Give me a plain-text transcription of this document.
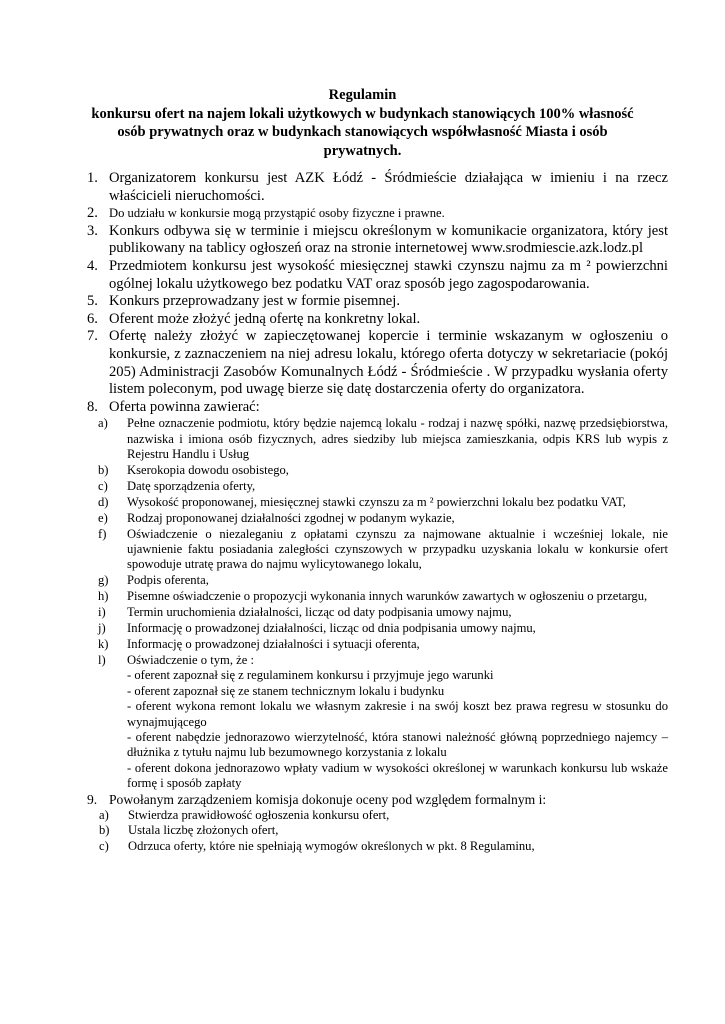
Regulamin
konkursu ofert na najem lokali użytkowych w budynkach stanowiących 100% własność
osób prywatnych oraz w budynkach stanowiących współwłasność Miasta i osób
prywatnych.
1. Organizatorem konkursu jest AZK Łódź - Śródmieście działająca w imieniu i na rzecz właścicieli nieruchomości.
2. Do udziału w konkursie mogą przystąpić osoby fizyczne i prawne.
3. Konkurs odbywa się w terminie i miejscu określonym w komunikacie organizatora, który jest publikowany na tablicy ogłoszeń oraz na stronie internetowej www.srodmiescie.azk.lodz.pl
4. Przedmiotem konkursu jest wysokość miesięcznej stawki czynszu najmu za m ² powierzchni ogólnej lokalu użytkowego bez podatku VAT oraz sposób jego zagospodarowania.
5. Konkurs przeprowadzany jest w formie pisemnej.
6. Oferent może złożyć jedną ofertę na konkretny lokal.
7. Ofertę należy złożyć w zapieczętowanej kopercie i terminie wskazanym w ogłoszeniu o konkursie, z zaznaczeniem na niej adresu lokalu, którego oferta dotyczy w sekretariacie (pokój 205) Administracji Zasobów Komunalnych Łódź - Śródmieście . W przypadku wysłania oferty listem poleconym, pod uwagę bierze się datę dostarczenia oferty do organizatora.
8. Oferta powinna zawierać:
a) Pełne oznaczenie podmiotu, który będzie najemcą lokalu - rodzaj i nazwę spółki, nazwę przedsiębiorstwa, nazwiska i imiona osób fizycznych, adres siedziby lub miejsca zamieszkania, odpis KRS lub wypis z Rejestru Handlu i Usług
b) Kserokopia dowodu osobistego,
c) Datę sporządzenia oferty,
d) Wysokość proponowanej, miesięcznej stawki czynszu za m ² powierzchni lokalu bez podatku VAT,
e) Rodzaj proponowanej działalności zgodnej w podanym wykazie,
f) Oświadczenie o niezaleganiu z opłatami czynszu za najmowane aktualnie i wcześniej lokale, nie ujawnienie faktu posiadania zaległości czynszowych w przypadku uzyskania lokalu w konkursie ofert spowoduje utratę prawa do najmu wylicytowanego lokalu,
g) Podpis oferenta,
h) Pisemne oświadczenie o propozycji wykonania innych warunków zawartych w ogłoszeniu o przetargu,
i) Termin uruchomienia działalności, licząc od daty podpisania umowy najmu,
j) Informację o prowadzonej działalności, licząc od dnia podpisania umowy najmu,
k) Informację o prowadzonej działalności i sytuacji oferenta,
l) Oświadczenie o tym, że :
- oferent zapoznał się z regulaminem konkursu i przyjmuje jego warunki
- oferent zapoznał się ze stanem technicznym lokalu i budynku
- oferent wykona remont lokalu we własnym zakresie i na swój koszt bez prawa regresu w stosunku do wynajmującego
- oferent nabędzie jednorazowo wierzytelność, która stanowi należność główną poprzedniego najemcy – dłużnika z tytułu najmu lub bezumownego korzystania z lokalu
- oferent dokona jednorazowo wpłaty vadium w wysokości określonej w warunkach konkursu lub wskaże formę i sposób zapłaty
9. Powołanym zarządzeniem komisja dokonuje oceny pod względem formalnym i:
a) Stwierdza prawidłowość ogłoszenia konkursu ofert,
b) Ustala liczbę złożonych ofert,
c) Odrzuca oferty, które nie spełniają wymogów określonych w pkt. 8 Regulaminu,
